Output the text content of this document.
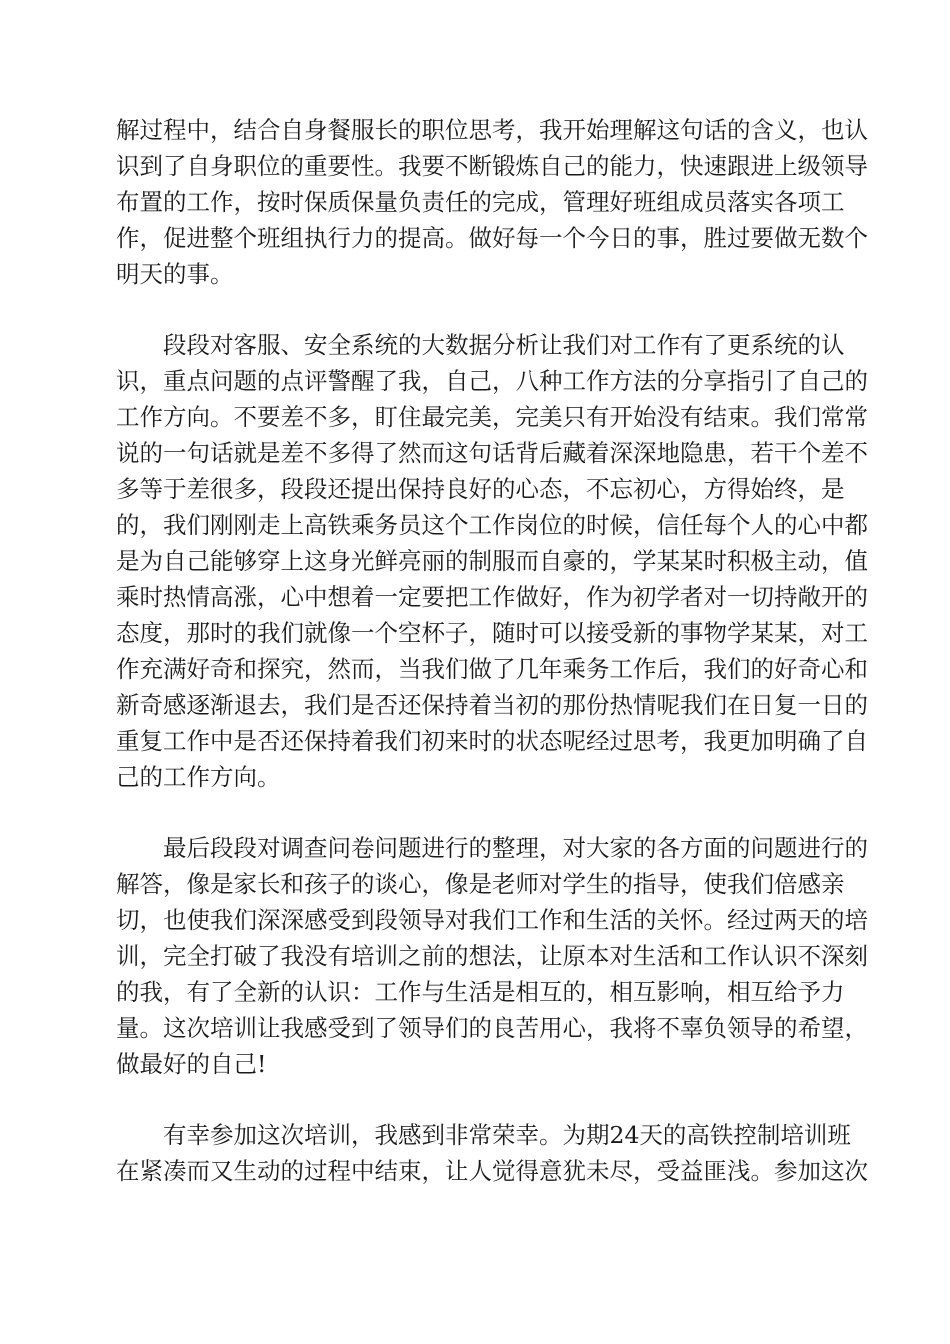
解过程中，结合自身餐服长的职位思考，我开始理解这句话的含义，也认
识到了自身职位的重要性。我要不断锻炼自己的能力，快速跟进上级领导
布置的工作，按时保质保量负责任的完成，管理好班组成员落实各项工
作，促进整个班组执行力的提高。做好每一个今日的事，胜过要做无数个
明天的事。
段段对客服、安全系统的大数据分析让我们对工作有了更系统的认
识，重点问题的点评警醒了我，自己，八种工作方法的分享指引了自己的
工作方向。不要差不多，盯住最完美，完美只有开始没有结束。我们常常
说的一句话就是差不多得了然而这句话背后藏着深深地隐患，若干个差不
多等于差很多，段段还提出保持良好的心态，不忘初心，方得始终，是
的，我们刚刚走上高铁乘务员这个工作岗位的时候，信任每个人的心中都
是为自己能够穿上这身光鲜亮丽的制服而自豪的，学某某时积极主动，值
乘时热情高涨，心中想着一定要把工作做好，作为初学者对一切持敞开的
态度，那时的我们就像一个空杯子，随时可以接受新的事物学某某，对工
作充满好奇和探究，然而，当我们做了几年乘务工作后，我们的好奇心和
新奇感逐渐退去，我们是否还保持着当初的那份热情呢我们在日复一日的
重复工作中是否还保持着我们初来时的状态呢经过思考，我更加明确了自
己的工作方向。
最后段段对调查问卷问题进行的整理，对大家的各方面的问题进行的
解答，像是家长和孩子的谈心，像是老师对学生的指导，使我们倍感亲
切，也使我们深深感受到段领导对我们工作和生活的关怀。经过两天的培
训，完全打破了我没有培训之前的想法，让原本对生活和工作认识不深刻
的我，有了全新的认识：工作与生活是相互的，相互影响，相互给予力
量。这次培训让我感受到了领导们的良苦用心，我将不辜负领导的希望，
做最好的自己!
有幸参加这次培训，我感到非常荣幸。为期24天的高铁控制培训班
在紧凑而又生动的过程中结束，让人觉得意犹未尽，受益匪浅。参加这次
